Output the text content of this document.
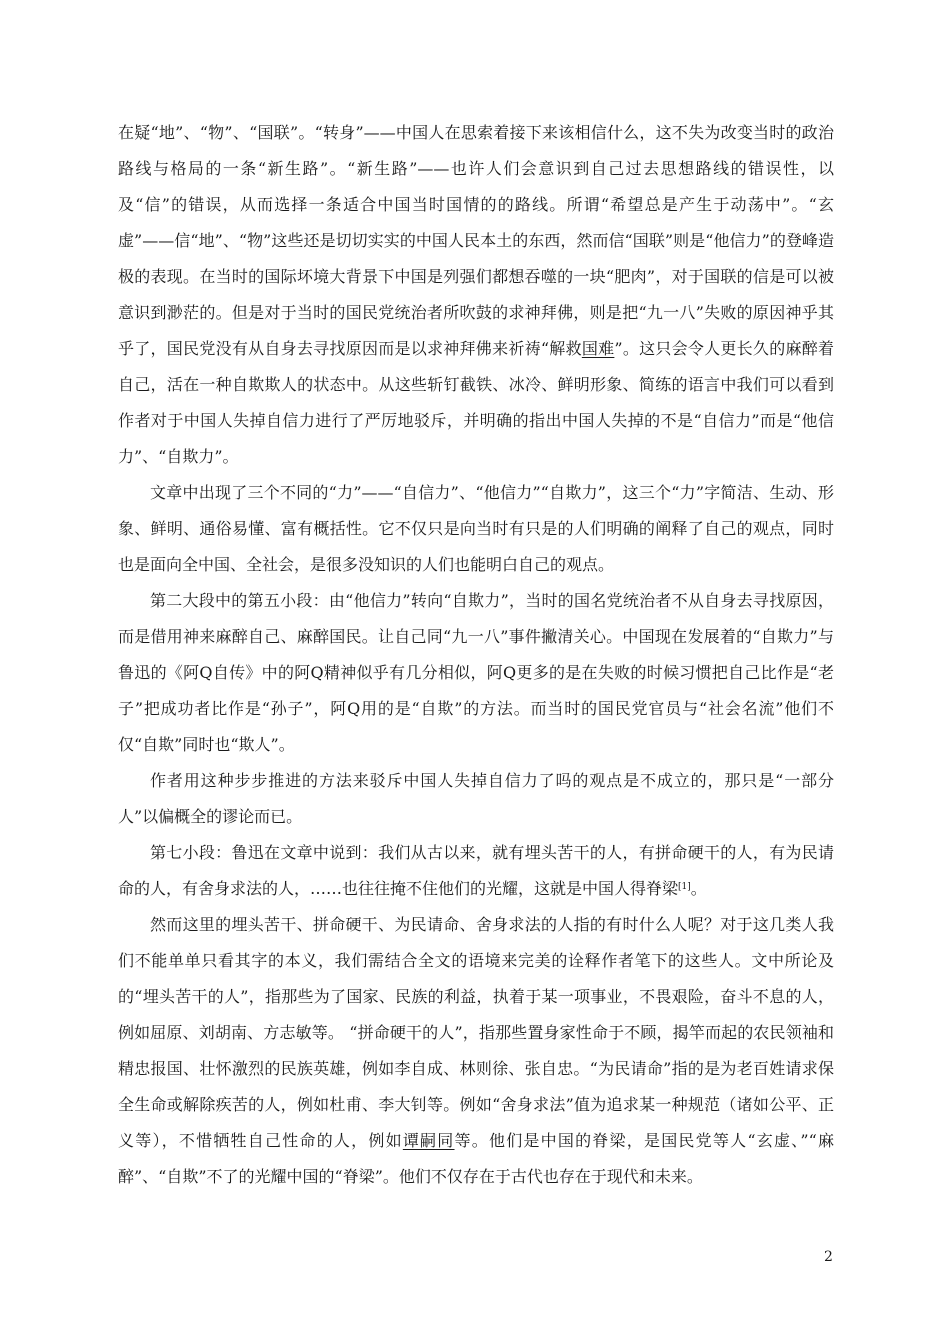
在疑“地”、“物”、“国联”。“转身”——中国人在思索着接下来该相信什么，这不失为改变当时的政治路线与格局的一条“新生路”。“新生路”——也许人们会意识到自己过去思想路线的错误性，以及“信”的错误，从而选择一条适合中国当时国情的的路线。所谓“希望总是产生于动荡中”。“玄虚”——信“地”、“物”这些还是切切实实的中国人民本土的东西，然而信“国联”则是“他信力”的登峰造极的表现。在当时的国际坏境大背景下中国是列强们都想吞噬的一块“肥肉”，对于国联的信是可以被意识到渺茫的。但是对于当时的国民党统治者所吹鼓的求神拜佛，则是把“九一八”失败的原因神乎其乎了，国民党没有从自身去寻找原因而是以求神拜佛来祈祷“解救国难”。这只会令人更长久的麻醉着自己，活在一种自欺欺人的状态中。从这些斩钉截铁、冰冷、鲜明形象、简练的语言中我们可以看到作者对于中国人失掉自信力进行了严厉地驳斥，并明确的指出中国人失掉的不是“自信力”而是“他信力”、“自欺力”。

文章中出现了三个不同的“力”——“自信力”、“他信力”“自欺力”，这三个“力”字简洁、生动、形象、鲜明、通俗易懂、富有概括性。它不仅只是向当时有只是的人们明确的阐释了自己的观点，同时也是面向全中国、全社会，是很多没知识的人们也能明白自己的观点。

第二大段中的第五小段：由“他信力”转向“自欺力”，当时的国名党统治者不从自身去寻找原因，而是借用神来麻醉自己、麻醉国民。让自己同“九一八”事件撇清关心。中国现在发展着的“自欺力”与鲁迅的《阿Q自传》中的阿Q精神似乎有几分相似，阿Q更多的是在失败的时候习惯把自己比作是“老子”把成功者比作是“孙子”，阿Q用的是“自欺”的方法。而当时的国民党官员与“社会名流”他们不仅“自欺”同时也“欺人”。

作者用这种步步推进的方法来驳斥中国人失掉自信力了吗的观点是不成立的，那只是“一部分人”以偏概全的谬论而已。

第七小段：鲁迅在文章中说到：我们从古以来，就有埋头苦干的人，有拼命硬干的人，有为民请命的人，有舍身求法的人，……也往往掩不住他们的光耀，这就是中国人得脊梁[1]。

然而这里的埋头苦干、拼命硬干、为民请命、舍身求法的人指的有时什么人呢？对于这几类人我们不能单单只看其字的本义，我们需结合全文的语境来完美的诠释作者笔下的这些人。文中所论及的“埋头苦干的人”，指那些为了国家、民族的利益，执着于某一项事业，不畏艰险，奋斗不息的人，例如屈原、刘胡南、方志敏等。 “拼命硬干的人”，指那些置身家性命于不顾，揭竿而起的农民领袖和精忠报国、壮怀激烈的民族英雄，例如李自成、林则徐、张自忠。“为民请命”指的是为老百姓请求保全生命或解除疾苦的人，例如杜甫、李大钊等。例如“舍身求法”值为追求某一种规范（诸如公平、正义等），不惜牺牲自己性命的人，例如谭嗣同等。他们是中国的脊梁，是国民党等人“玄虚、”“麻醉”、“自欺”不了的光耀中国的“脊梁”。他们不仅存在于古代也存在于现代和未来。

2
